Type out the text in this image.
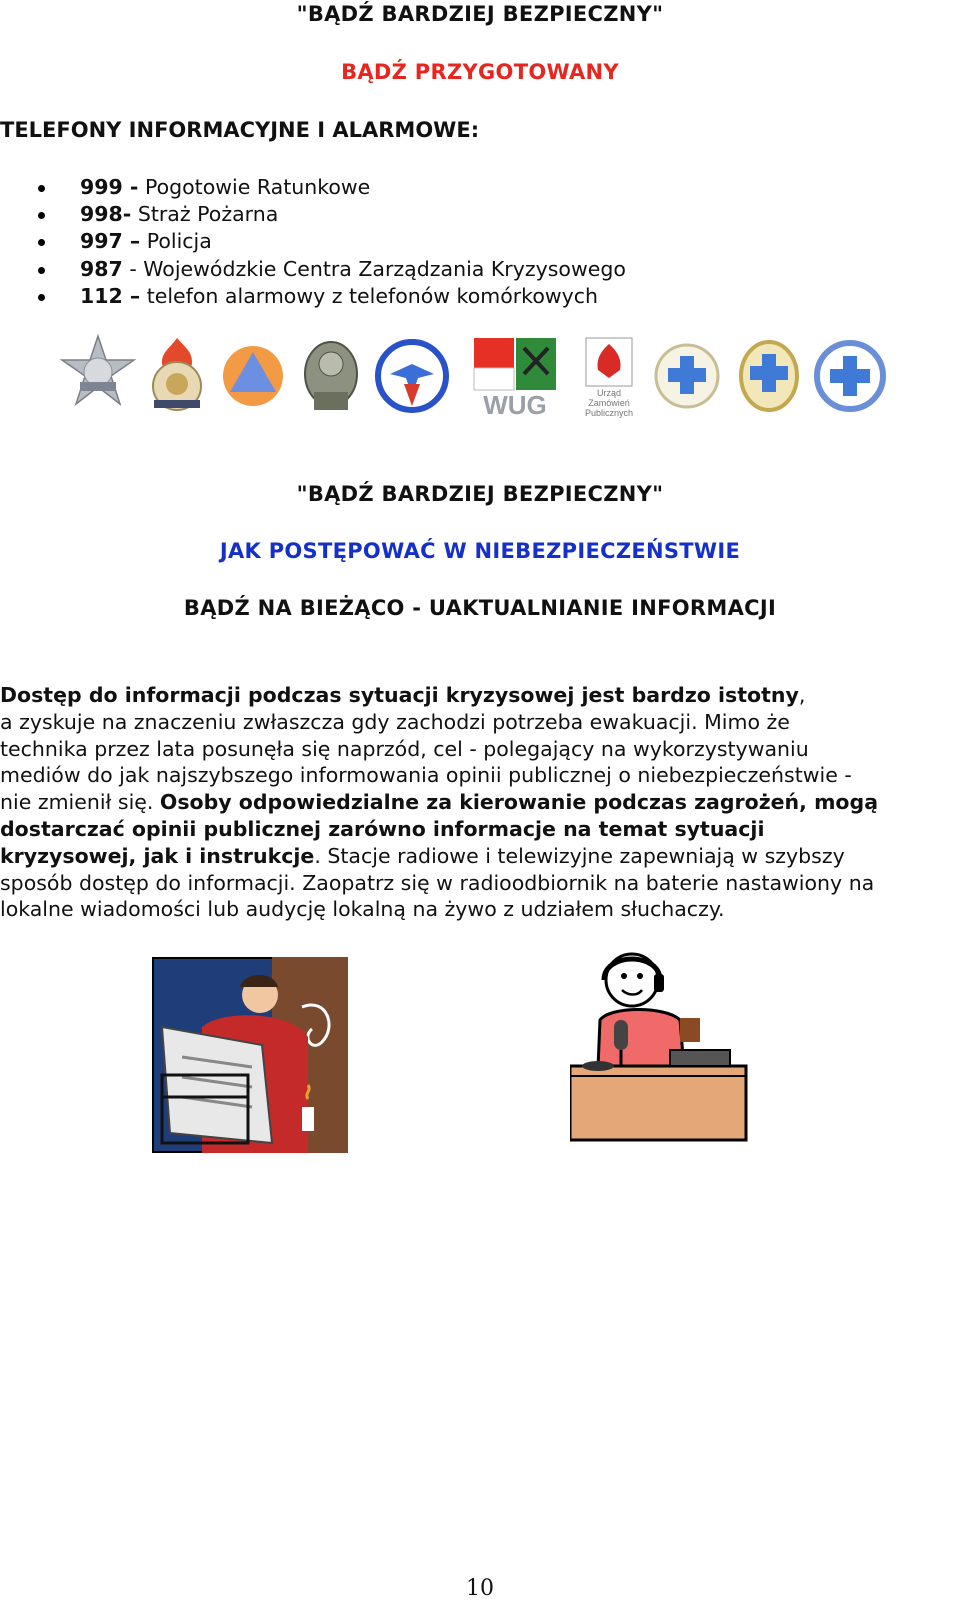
"BĄDŹ BARDZIEJ BEZPIECZNY"
BĄDŹ PRZYGOTOWANY
TELEFONY INFORMACYJNE I ALARMOWE:
999 - Pogotowie Ratunkowe
998- Straż Pożarna
997 – Policja
987 - Wojewódzkie Centra Zarządzania Kryzysowego
112 – telefon alarmowy z telefonów komórkowych
WUG	Urząd
Zamówień
Publicznych
"BĄDŹ BARDZIEJ BEZPIECZNY"
JAK POSTĘPOWAĆ W NIEBEZPIECZEŃSTWIE
BĄDŹ NA BIEŻĄCO - UAKTUALNIANIE INFORMACJI
Dostęp do informacji podczas sytuacji kryzysowej jest bardzo istotny,
a zyskuje na znaczeniu zwłaszcza gdy zachodzi potrzeba ewakuacji. Mimo że
technika przez lata posunęła się naprzód, cel - polegający na wykorzystywaniu
mediów do jak najszybszego informowania opinii publicznej o niebezpieczeństwie -
nie zmienił się. Osoby odpowiedzialne za kierowanie podczas zagrożeń, mogą
dostarczać opinii publicznej zarówno informacje na temat sytuacji
kryzysowej, jak i instrukcje. Stacje radiowe i telewizyjne zapewniają w szybszy
sposób dostęp do informacji. Zaopatrz się w radioodbiornik na baterie nastawiony na
lokalne wiadomości lub audycję lokalną na żywo z udziałem słuchaczy.
10
